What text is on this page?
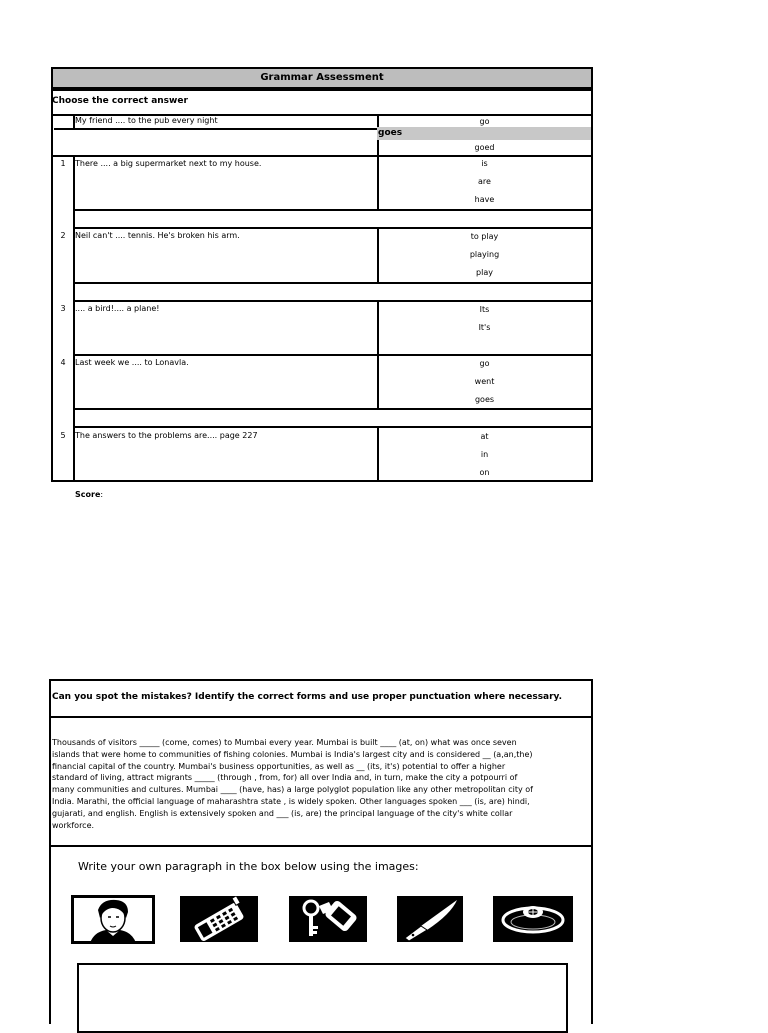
Grammar Assessment
Choose the correct answer
My friend .... to the pub every night	go
goes
goed
1	There .... a big supermarket next to my house.	is
are
have
2	Neil can't .... tennis. He's broken his arm.	to play
playing
play
3	.... a bird!.... a plane!	Its
It's
4	Last week we .... to Lonavla.	go
went
goes
5	The answers to the problems are.... page 227	at
in
on
Score:
Can you spot the mistakes? Identify the correct forms and use proper punctuation where necessary.
Thousands of visitors _____ (come, comes) to Mumbai every year. Mumbai is built ____ (at, on) what was once seven
islands that were home to communities of fishing colonies. Mumbai is India's largest city and is considered __ (a,an,the)
financial capital of the country. Mumbai's business opportunities, as well as __ (its, it's) potential to offer a higher
standard of living, attract migrants _____ (through , from, for) all over India and, in turn, make the city a potpourri of
many communities and cultures. Mumbai ____ (have, has) a large polyglot population like any other metropolitan city of
India. Marathi, the official language of maharashtra state , is widely spoken. Other languages spoken ___ (is, are) hindi,
gujarati, and english. English is extensively spoken and ___ (is, are) the principal language of the city's white collar
workforce.
Write your own paragraph in the box below using the images:
